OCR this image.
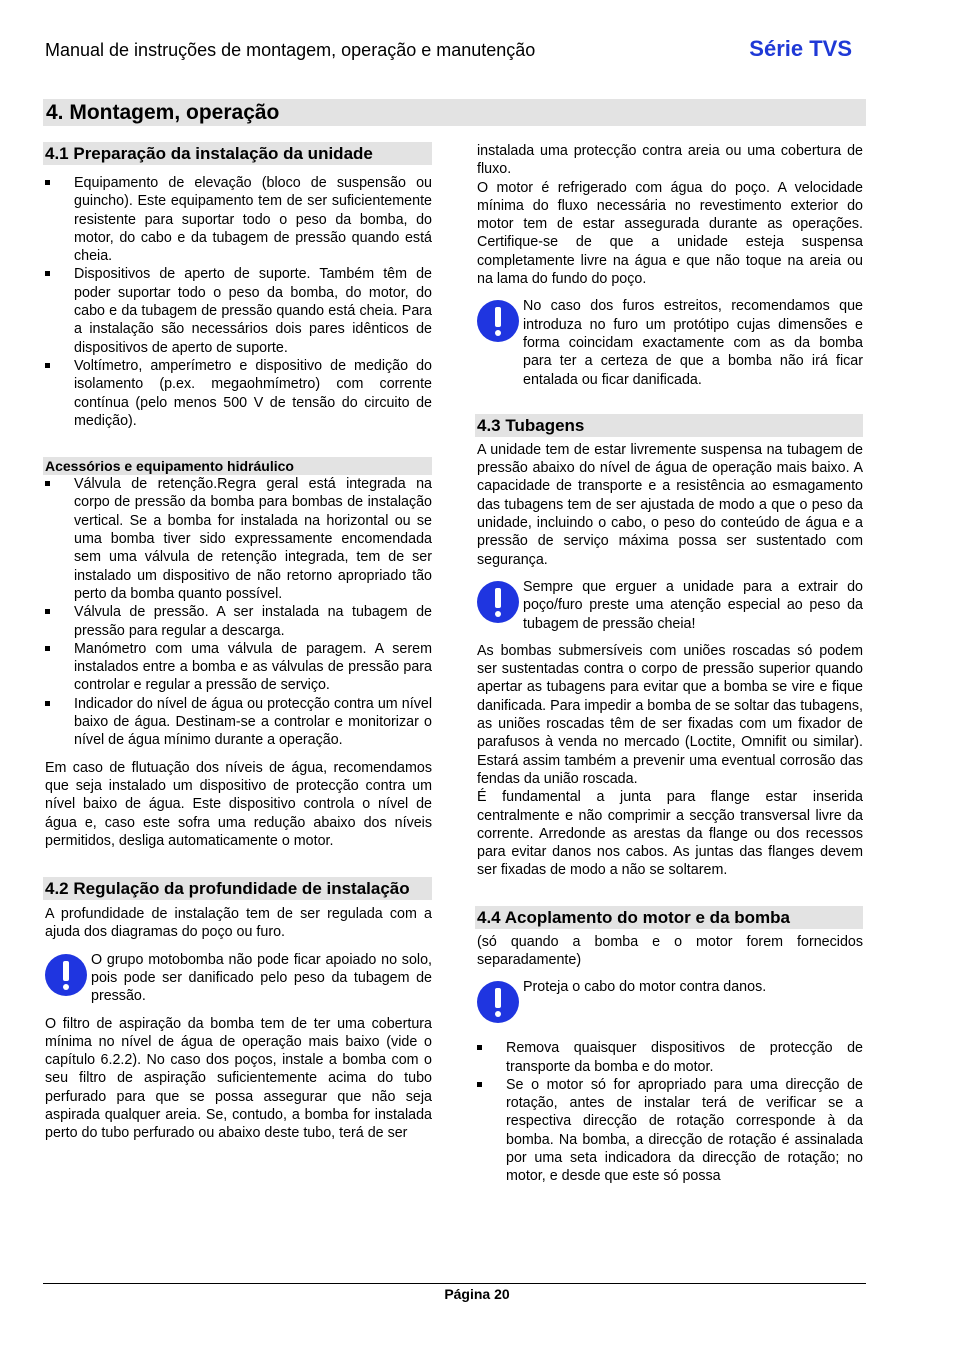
Manual de instruções de montagem, operação e manutenção	Série TVS
4. Montagem, operação
4.1 Preparação da instalação da unidade
Equipamento de elevação (bloco de suspensão ou guincho). Este equipamento tem de ser suficientemente resistente para suportar todo o peso da bomba, do motor, do cabo e da tubagem de pressão quando está cheia.
Dispositivos de aperto de suporte. Também têm de poder suportar todo o peso da bomba, do motor, do cabo e da tubagem de pressão quando está cheia. Para a instalação são necessários dois pares idênticos de dispositivos de aperto de suporte.
Voltímetro, amperímetro e dispositivo de medição do isolamento (p.ex. megaohmímetro) com corrente contínua (pelo menos 500 V de tensão do circuito de medição).
Acessórios e equipamento hidráulico
Válvula de retenção.Regra geral está integrada na corpo de pressão da bomba para bombas de instalação vertical. Se a bomba for instalada na horizontal ou se uma bomba tiver sido expressamente encomendada sem uma válvula de retenção integrada, tem de ser instalado um dispositivo de não retorno apropriado tão perto da bomba quanto possível.
Válvula de pressão. A ser instalada na tubagem de pressão para regular a descarga.
Manómetro com uma válvula de paragem. A serem instalados entre a bomba e as válvulas de pressão para controlar e regular a pressão de serviço.
Indicador do nível de água ou protecção contra um nível baixo de água. Destinam-se a controlar e monitorizar o nível de água mínimo durante a operação.

Em caso de flutuação dos níveis de água, recomendamos que seja instalado um dispositivo de protecção contra um nível baixo de água. Este dispositivo controla o nível de água e, caso este sofra uma redução abaixo dos níveis permitidos, desliga automaticamente o motor.

4.2 Regulação da profundidade de instalação

A profundidade de instalação tem de ser regulada com a ajuda dos diagramas do poço ou furo.

O grupo motobomba não pode ficar apoiado no solo, pois pode ser danificado pelo peso da tubagem de pressão.

O filtro de aspiração da bomba tem de ter uma cobertura mínima no nível de água de operação mais baixo (vide o capítulo 6.2.2). No caso dos poços, instale a bomba com o seu filtro de aspiração suficientemente acima do tubo perfurado para que se possa assegurar que não seja aspirada qualquer areia. Se, contudo, a bomba for instalada perto do tubo perfurado ou abaixo deste tubo, terá de ser

instalada uma protecção contra areia ou uma cobertura de fluxo.

O motor é refrigerado com água do poço. A velocidade mínima do fluxo necessária no revestimento exterior do motor tem de estar assegurada durante as operações. Certifique-se de que a unidade esteja suspensa completamente livre na água e que não toque na areia ou na lama do fundo do poço.

No caso dos furos estreitos, recomendamos que introduza no furo um protótipo cujas dimensões e forma coincidam exactamente com as da bomba para ter a certeza de que a bomba não irá ficar entalada ou ficar danificada.

4.3 Tubagens

A unidade tem de estar livremente suspensa na tubagem de pressão abaixo do nível de água de operação mais baixo. A capacidade de transporte e a resistência ao esmagamento das tubagens tem de ser ajustada de modo a que o peso da unidade, incluindo o cabo, o peso do conteúdo de água e a pressão de serviço máxima possa ser sustentado com segurança.

Sempre que erguer a unidade para a extrair do poço/furo preste uma atenção especial ao peso da tubagem de pressão cheia!

As bombas submersíveis com uniões roscadas só podem ser sustentadas contra o corpo de pressão superior quando apertar as tubagens para evitar que a bomba se vire e fique danificada. Para impedir a bomba de se soltar das tubagens, as uniões roscadas têm de ser fixadas com um fixador de parafusos à venda no mercado (Loctite, Omnifit ou similar). Estará assim também a prevenir uma eventual corrosão das fendas da união roscada.

É fundamental a junta para flange estar inserida centralmente e não comprimir a secção transversal livre da corrente. Arredonde as arestas da flange ou dos recessos para evitar danos nos cabos. As juntas das flanges devem ser fixadas de modo a não se soltarem.

4.4 Acoplamento do motor e da bomba

(só quando a bomba e o motor forem fornecidos separadamente)

Proteja o cabo do motor contra danos.

Remova quaisquer dispositivos de protecção de transporte da bomba e do motor.
Se o motor só for apropriado para uma direcção de rotação, antes de instalar terá de verificar se a respectiva direcção de rotação corresponde à da bomba. Na bomba, a direcção de rotação é assinalada por uma seta indicadora da direcção de rotação; no motor, e desde que este só possa
Página 20
